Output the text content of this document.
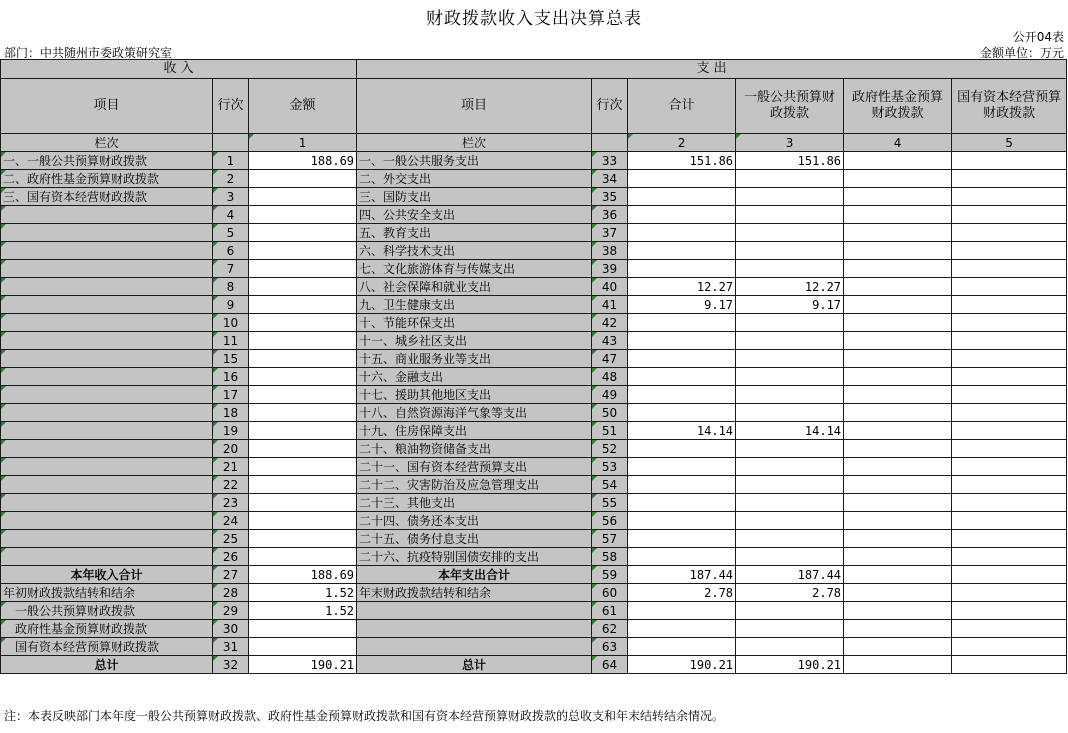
财政拨款收入支出决算总表
公开04表
部门：中共随州市委政策研究室	金额单位：万元
收 入			支 出					
项目	行次	金额	项目	行次	合计	一般公共预算财政拨款	政府性基金预算财政拨款	国有资本经营预算财政拨款
栏次		1	栏次		2	3	4	5
一、一般公共预算财政拨款	1	188.69	一、一般公共服务支出	33	151.86	151.86		
二、政府性基金预算财政拨款	2		二、外交支出	34				
三、国有资本经营财政拨款	3		三、国防支出	35				
	4		四、公共安全支出	36				
	5		五、教育支出	37				
	6		六、科学技术支出	38				
	7		七、文化旅游体育与传媒支出	39				
	8		八、社会保障和就业支出	40	12.27	12.27		
	9		九、卫生健康支出	41	9.17	9.17		
	10		十、节能环保支出	42				
	11		十一、城乡社区支出	43				
	15		十五、商业服务业等支出	47				
	16		十六、金融支出	48				
	17		十七、援助其他地区支出	49				
	18		十八、自然资源海洋气象等支出	50				
	19		十九、住房保障支出	51	14.14	14.14		
	20		二十、粮油物资储备支出	52				
	21		二十一、国有资本经营预算支出	53				
	22		二十二、灾害防治及应急管理支出	54				
	23		二十三、其他支出	55				
	24		二十四、债务还本支出	56				
	25		二十五、债务付息支出	57				
	26		二十六、抗疫特别国债安排的支出	58				
本年收入合计	27	188.69	本年支出合计	59	187.44	187.44		
年初财政拨款结转和结余	28	1.52	年末财政拨款结转和结余	60	2.78	2.78		
一般公共预算财政拨款	29	1.52		61				
政府性基金预算财政拨款	30			62				
国有资本经营预算财政拨款	31			63				
总计	32	190.21	总计	64	190.21	190.21		
注：本表反映部门本年度一般公共预算财政拨款、政府性基金预算财政拨款和国有资本经营预算财政拨款的总收支和年末结转结余情况。
